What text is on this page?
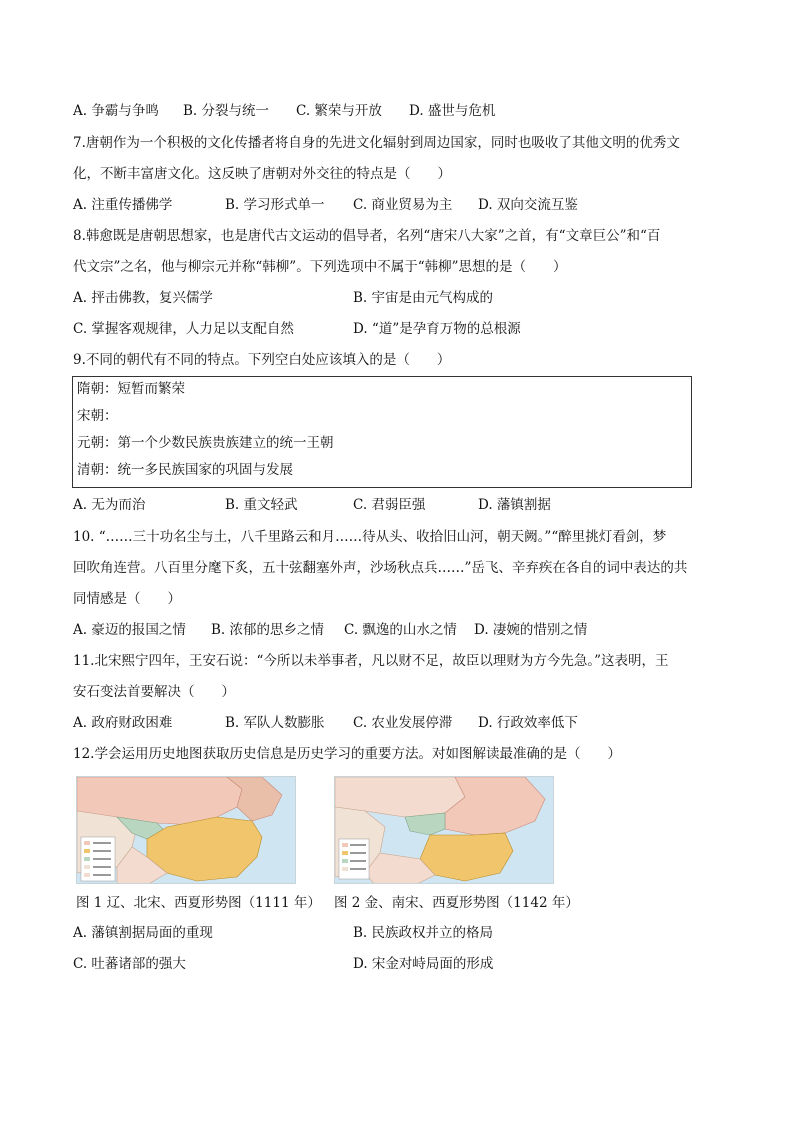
A. 争霸与争鸣 B. 分裂与统一 C. 繁荣与开放 D. 盛世与危机
7.唐朝作为一个积极的文化传播者将自身的先进文化辐射到周边国家，同时也吸收了其他文明的优秀文
化，不断丰富唐文化。这反映了唐朝对外交往的特点是（　　）
A. 注重传播佛学	B. 学习形式单一 C. 商业贸易为主 D. 双向交流互鉴
8.韩愈既是唐朝思想家，也是唐代古文运动的倡导者，名列“唐宋八大家”之首，有“文章巨公”和“百
代文宗”之名，他与柳宗元并称“韩柳”。下列选项中不属于“韩柳”思想的是（　　）
A. 抨击佛教，复兴儒学	B. 宇宙是由元气构成的
C. 掌握客观规律，人力足以支配自然	D. “道”是孕育万物的总根源
9.不同的朝代有不同的特点。下列空白处应该填入的是（　　）
隋朝：短暂而繁荣
宋朝：
元朝：第一个少数民族贵族建立的统一王朝
清朝：统一多民族国家的巩固与发展
A. 无为而治	B. 重文轻武	C. 君弱臣强	D. 藩镇割据
10. “……三十功名尘与土，八千里路云和月……待从头、收拾旧山河，朝天阙。”“醉里挑灯看剑，梦
回吹角连营。八百里分麾下炙，五十弦翻塞外声，沙场秋点兵……”岳飞、辛弃疾在各自的词中表达的共
同情感是（　　）
A. 豪迈的报国之情 B. 浓郁的思乡之情 C. 飘逸的山水之情 D. 凄婉的惜别之情
11.北宋熙宁四年，王安石说：“今所以未举事者，凡以财不足，故臣以理财为方今先急。”这表明，王
安石变法首要解决（　　）
A. 政府财政困难	B. 军队人数膨胀 C. 农业发展停滞 D. 行政效率低下
12.学会运用历史地图获取历史信息是历史学习的重要方法。对如图解读最准确的是（　　）
图 1 辽、北宋、西夏形势图（1111 年） 图 2 金、南宋、西夏形势图（1142 年）
A. 藩镇割据局面的重现	B. 民族政权并立的格局
C. 吐蕃诸部的强大	D. 宋金对峙局面的形成
